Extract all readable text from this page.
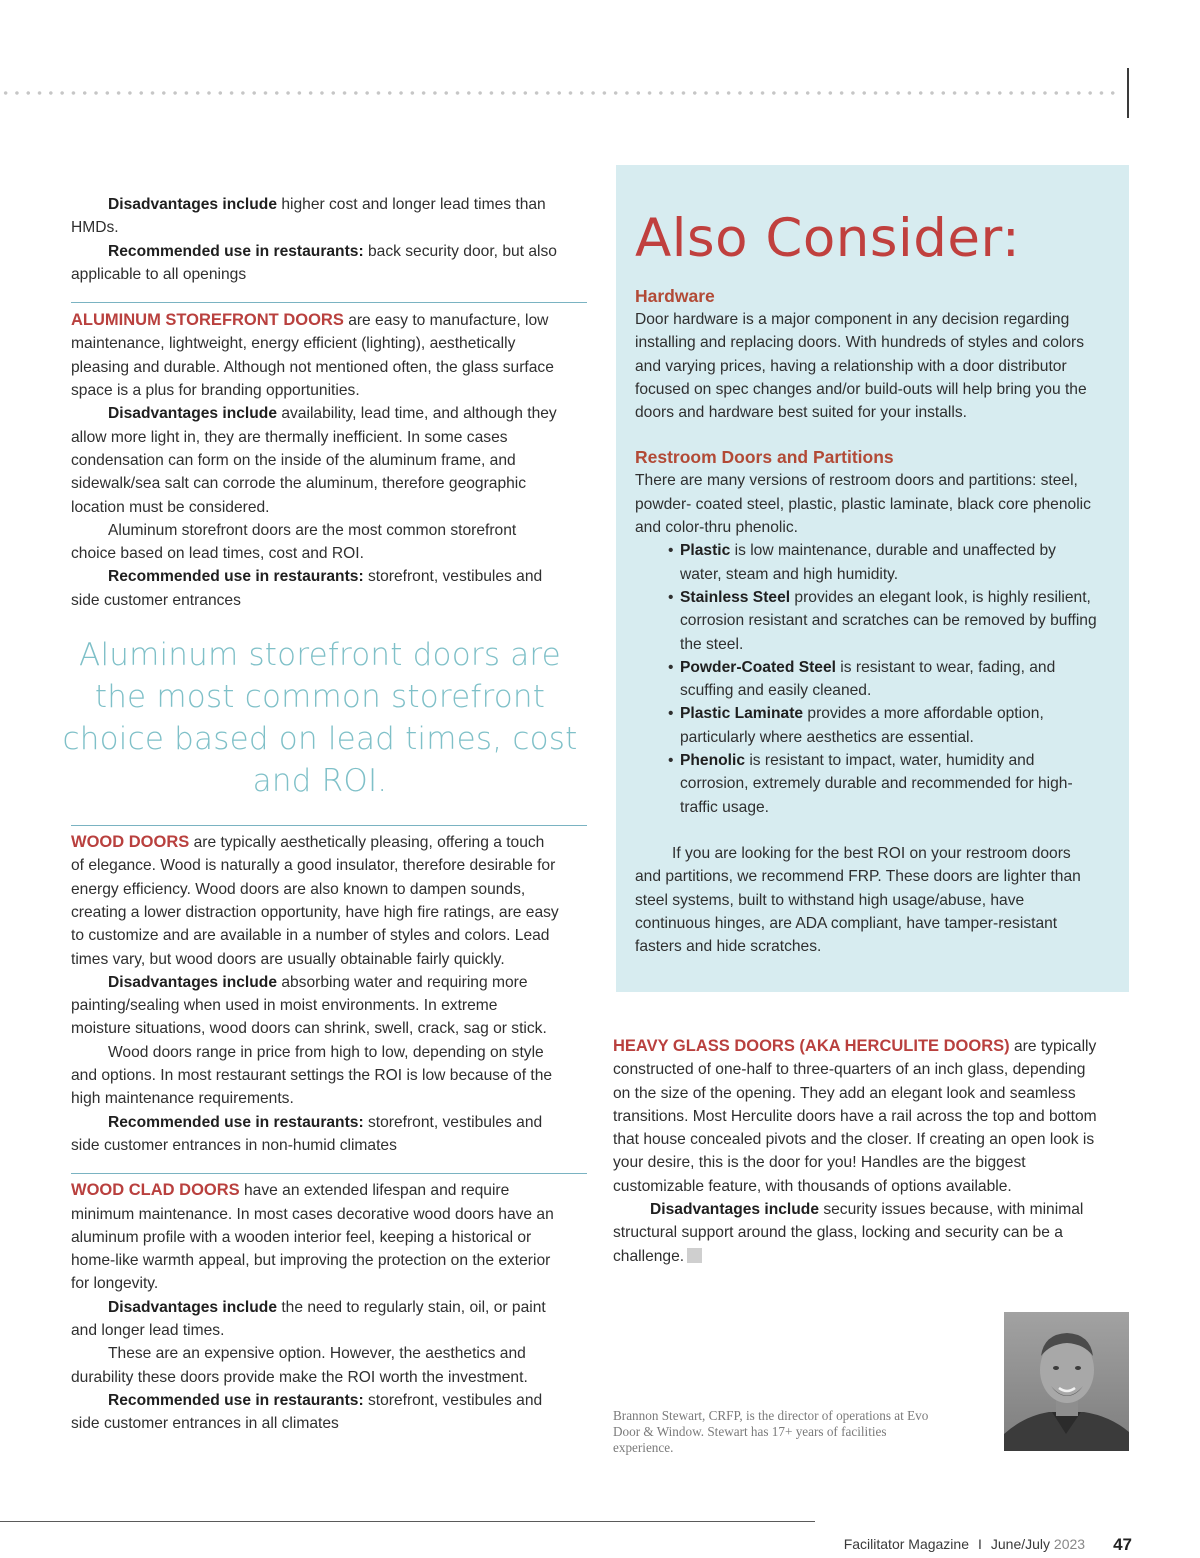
Disadvantages include higher cost and longer lead times than HMDs.

Recommended use in restaurants: back security door, but also applicable to all openings

ALUMINUM STOREFRONT DOORS are easy to manufacture, low maintenance, lightweight, energy efficient (lighting), aesthetically pleasing and durable. Although not mentioned often, the glass surface space is a plus for branding opportunities.

Disadvantages include availability, lead time, and although they allow more light in, they are thermally inefficient. In some cases condensation can form on the inside of the aluminum frame, and sidewalk/sea salt can corrode the aluminum, therefore geographic location must be considered.

Aluminum storefront doors are the most common storefront choice based on lead times, cost and ROI.

Recommended use in restaurants: storefront, vestibules and side customer entrances

Aluminum storefront doors are the most common storefront choice based on lead times, cost and ROI.

WOOD DOORS are typically aesthetically pleasing, offering a touch of elegance. Wood is naturally a good insulator, therefore desirable for energy efficiency. Wood doors are also known to dampen sounds, creating a lower distraction opportunity, have high fire ratings, are easy to customize and are available in a number of styles and colors. Lead times vary, but wood doors are usually obtainable fairly quickly.

Disadvantages include absorbing water and requiring more painting/sealing when used in moist environments. In extreme moisture situations, wood doors can shrink, swell, crack, sag or stick.

Wood doors range in price from high to low, depending on style and options. In most restaurant settings the ROI is low because of the high maintenance requirements.

Recommended use in restaurants: storefront, vestibules and side customer entrances in non-humid climates

WOOD CLAD DOORS have an extended lifespan and require minimum maintenance. In most cases decorative wood doors have an aluminum profile with a wooden interior feel, keeping a historical or home-like warmth appeal, but improving the protection on the exterior for longevity.

Disadvantages include the need to regularly stain, oil, or paint and longer lead times.

These are an expensive option. However, the aesthetics and durability these doors provide make the ROI worth the investment.

Recommended use in restaurants: storefront, vestibules and side customer entrances in all climates

Also Consider:
Hardware

Door hardware is a major component in any decision regarding installing and replacing doors. With hundreds of styles and colors and varying prices, having a relationship with a door distributor focused on spec changes and/or build-outs will help bring you the doors and hardware best suited for your installs.

Restroom Doors and Partitions

There are many versions of restroom doors and partitions: steel, powder- coated steel, plastic, plastic laminate, black core phenolic and color-thru phenolic.

• Plastic is low maintenance, durable and unaffected by water, steam and high humidity.
• Stainless Steel provides an elegant look, is highly resilient, corrosion resistant and scratches can be removed by buffing the steel.
• Powder-Coated Steel is resistant to wear, fading, and scuffing and easily cleaned.
• Plastic Laminate provides a more affordable option, particularly where aesthetics are essential.
• Phenolic is resistant to impact, water, humidity and corrosion, extremely durable and recommended for high-traffic usage.

If you are looking for the best ROI on your restroom doors and partitions, we recommend FRP. These doors are lighter than steel systems, built to withstand high usage/abuse, have continuous hinges, are ADA compliant, have tamper-resistant fasters and hide scratches.

HEAVY GLASS DOORS (AKA HERCULITE DOORS) are typically constructed of one-half to three-quarters of an inch glass, depending on the size of the opening. They add an elegant look and seamless transitions. Most Herculite doors have a rail across the top and bottom that house concealed pivots and the closer. If creating an open look is your desire, this is the door for you! Handles are the biggest customizable feature, with thousands of options available.

Disadvantages include security issues because, with minimal structural support around the glass, locking and security can be a challenge.

Brannon Stewart, CRFP, is the director of operations at Evo Door & Window. Stewart has 17+ years of facilities experience.
Facilitator Magazine I June/July 2023 47
